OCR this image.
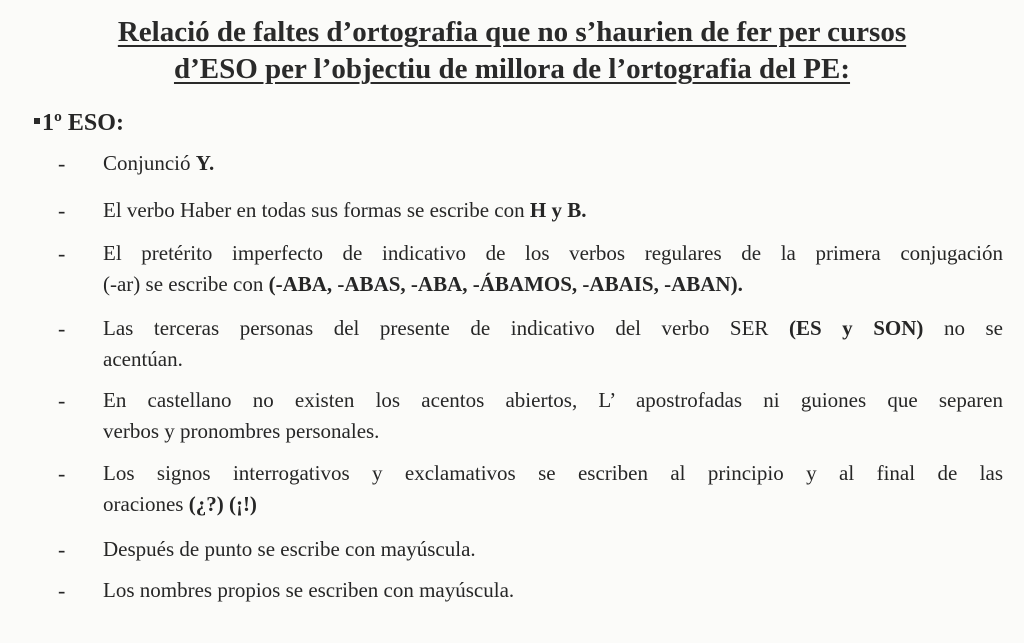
Relació de faltes d’ortografia que no s’haurien de fer per cursos
d’ESO per l’objectiu de millora de l’ortografia del PE:
1º ESO:
- Conjunció Y.
- El verbo Haber en todas sus formas se escribe con H y B.
- El pretérito imperfecto de indicativo de los verbos regulares de la primera conjugación
(-ar) se escribe con (-ABA, -ABAS, -ABA, -ÁBAMOS, -ABAIS, -ABAN).
- Las terceras personas del presente de indicativo del verbo SER (ES y SON) no se
acentúan.
- En castellano no existen los acentos abiertos, L’ apostrofadas ni guiones que separen
verbos y pronombres personales.
- Los signos interrogativos y exclamativos se escriben al principio y al final de las
oraciones (¿?) (¡!)
- Después de punto se escribe con mayúscula.
- Los nombres propios se escriben con mayúscula.
